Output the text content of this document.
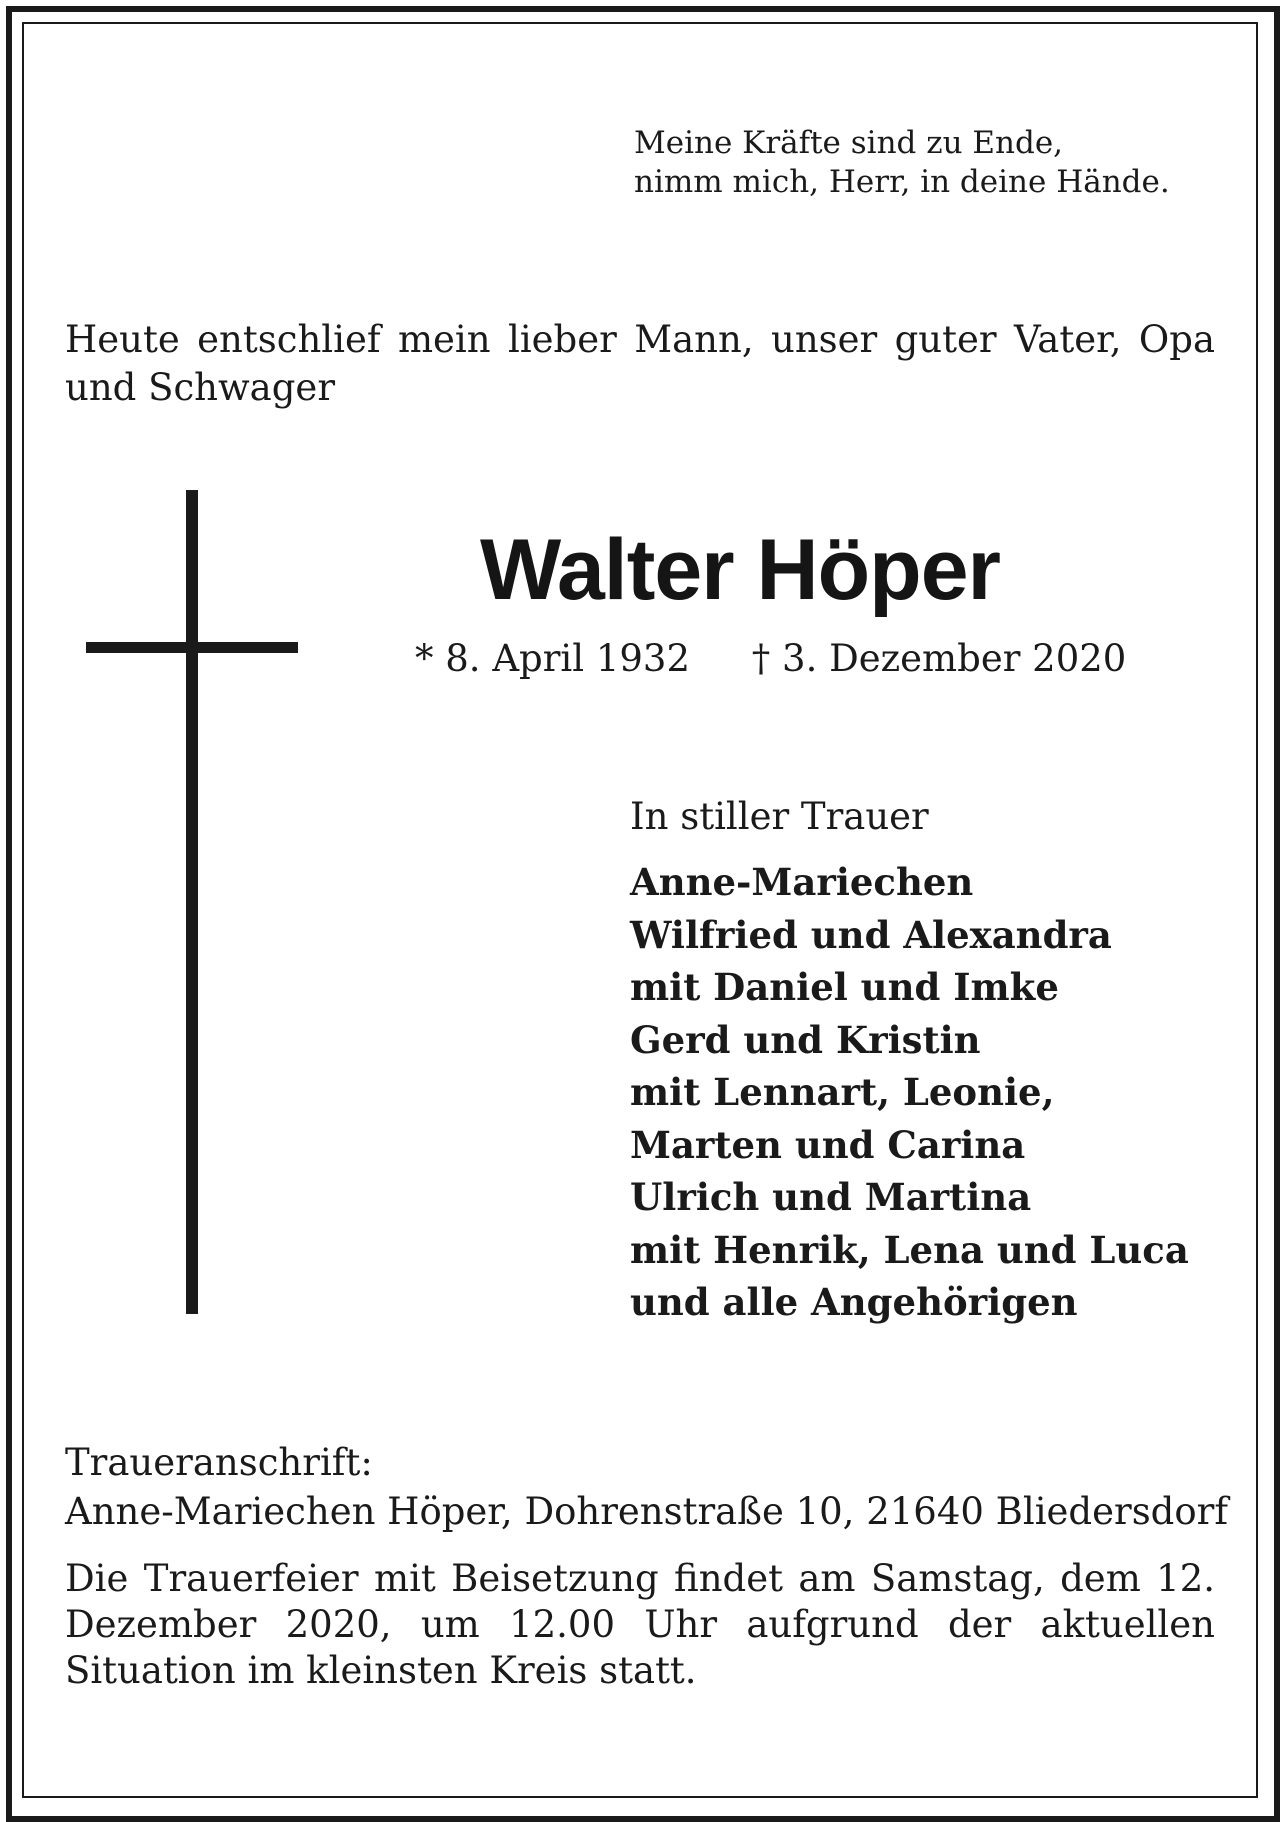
Meine Kräfte sind zu Ende,
nimm mich, Herr, in deine Hände.
Heute entschlief mein lieber Mann, unser guter Vater, Opa und Schwager
Walter Höper
* 8. April 1932 † 3. Dezember 2020
In stiller Trauer
Anne-Mariechen
Wilfried und Alexandra
mit Daniel und Imke
Gerd und Kristin
mit Lennart, Leonie,
Marten und Carina
Ulrich und Martina
mit Henrik, Lena und Luca
und alle Angehörigen
Traueranschrift:
Anne-Mariechen Höper, Dohrenstraße 10, 21640 Bliedersdorf
Die Trauerfeier mit Beisetzung findet am Samstag, dem 12. Dezember 2020, um 12.00 Uhr aufgrund der aktuellen Situation im kleinsten Kreis statt.
